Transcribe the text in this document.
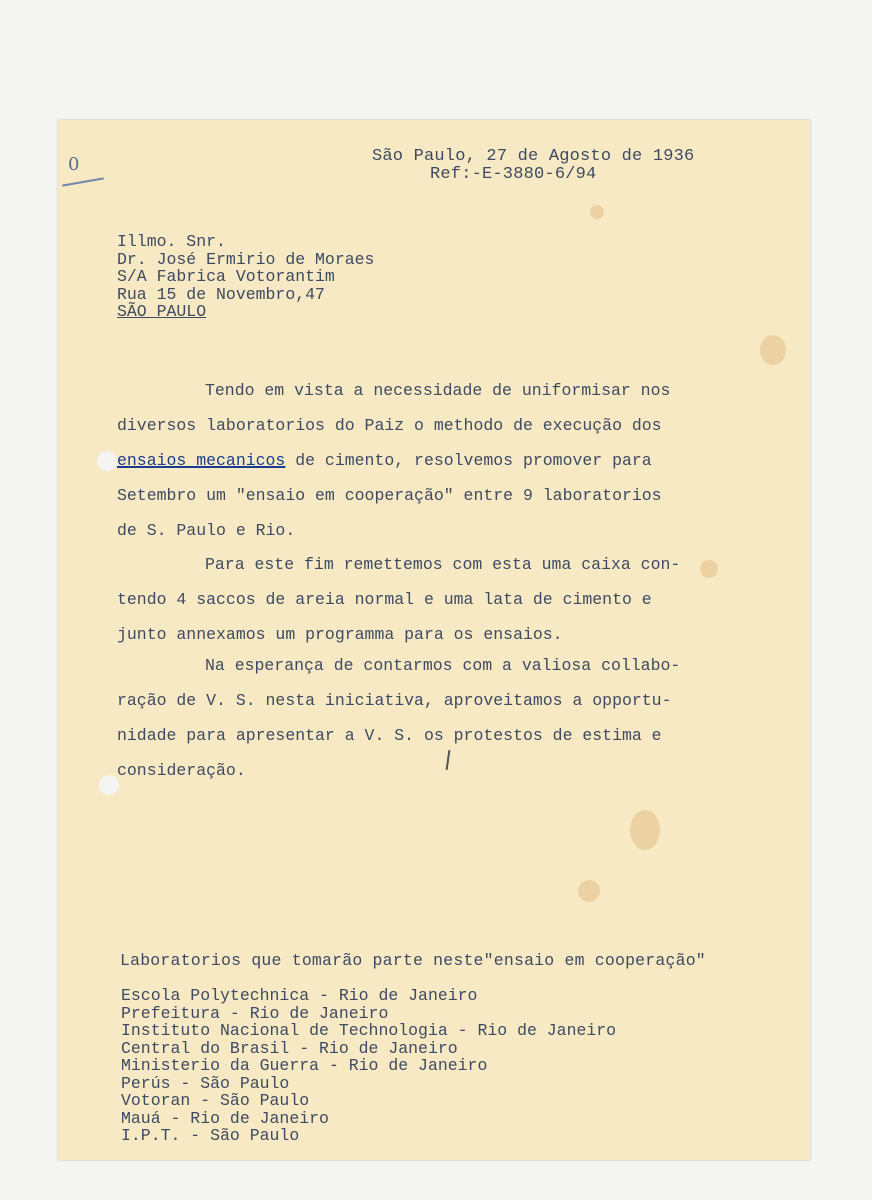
0	São Paulo, 27 de Agosto de 1936
Ref:-E-3880-6/94
Illmo. Snr.
Dr. José Ermirio de Moraes
S/A Fabrica Votorantim
Rua 15 de Novembro,47
SÃO PAULO
Tendo em vista a necessidade de uniformisar nos
diversos laboratorios do Paiz o methodo de execução dos
ensaios mecanicos de cimento, resolvemos promover para
Setembro um "ensaio em cooperação" entre 9 laboratorios
de S. Paulo e Rio.
Para este fim remettemos com esta uma caixa con-
tendo 4 saccos de areia normal e uma lata de cimento e
junto annexamos um programma para os ensaios.
Na esperança de contarmos com a valiosa collabo-
ração de V. S. nesta iniciativa, aproveitamos a opportu-
nidade para apresentar a V. S. os protestos de estima e
consideração.
Laboratorios que tomarão parte neste"ensaio em cooperação"
Escola Polytechnica - Rio de Janeiro
Prefeitura - Rio de Janeiro
Instituto Nacional de Technologia - Rio de Janeiro
Central do Brasil - Rio de Janeiro
Ministerio da Guerra - Rio de Janeiro
Perús - São Paulo
Votoran - São Paulo
Mauá - Rio de Janeiro
I.P.T. - São Paulo
